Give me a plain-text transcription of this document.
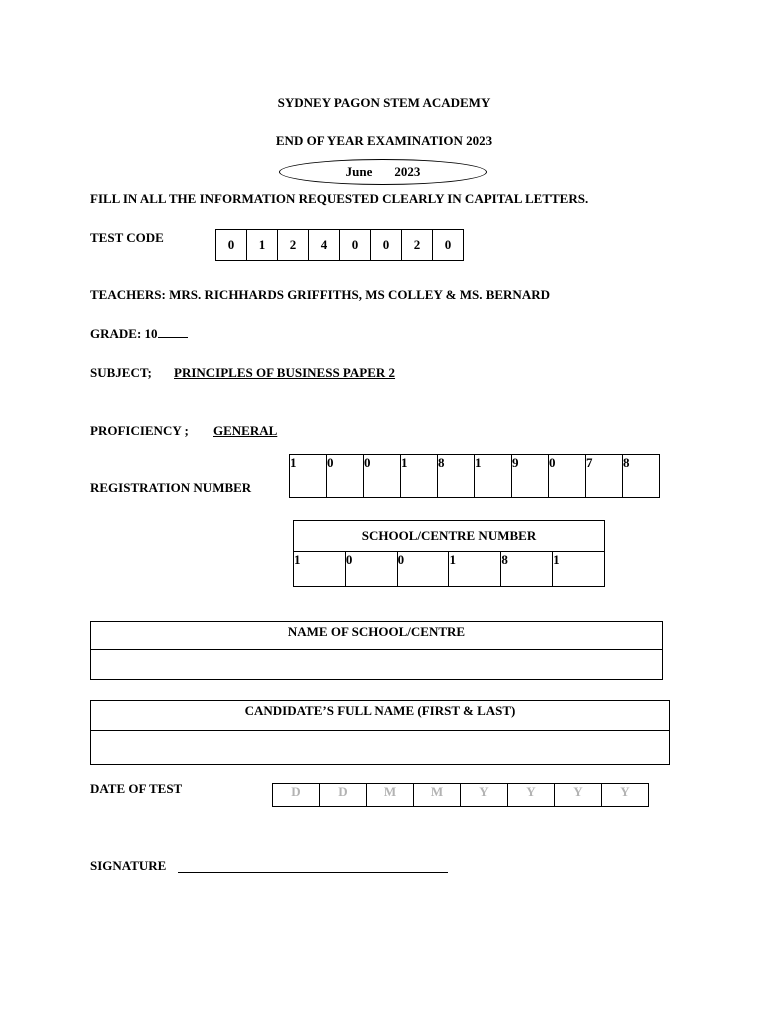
SYDNEY PAGON STEM ACADEMY
END OF YEAR EXAMINATION 2023
June 2023
FILL IN ALL THE INFORMATION REQUESTED CLEARLY IN CAPITAL LETTERS.
TEST CODE	0	1	2	4	0	0	2	0
TEACHERS: MRS. RICHHARDS GRIFFITHS, MS COLLEY & MS. BERNARD
GRADE: 10
SUBJECT; PRINCIPLES OF BUSINESS PAPER 2
PROFICIENCY ; GENERAL
REGISTRATION NUMBER
1	0	0	1	8	1	9	0	7	8
SCHOOL/CENTRE NUMBER
1	0	0	1	8	1
NAME OF SCHOOL/CENTRE
CANDIDATE’S FULL NAME (FIRST & LAST)
DATE OF TEST	D	D	M	M	Y	Y	Y	Y
SIGNATURE
